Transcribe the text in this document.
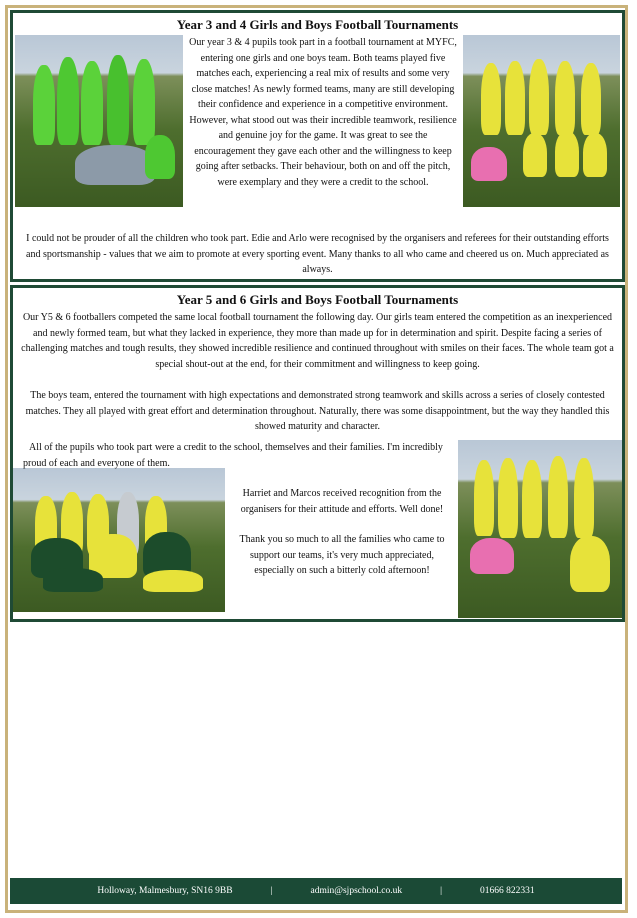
Year 3 and 4 Girls and Boys Football Tournaments

Our year 3 & 4 pupils took part in a football tournament at MYFC, entering one girls and one boys team. Both teams played five matches each, experiencing a real mix of results and some very close matches! As newly formed teams, many are still developing their confidence and experience in a competitive environment. However, what stood out was their incredible teamwork, resilience and genuine joy for the game. It was great to see the encouragement they gave each other and the willingness to keep going after setbacks. Their behaviour, both on and off the pitch, were exemplary and they were a credit to the school.

I could not be prouder of all the children who took part. Edie and Arlo were recognised by the organisers and referees for their outstanding efforts and sportsmanship - values that we aim to promote at every sporting event. Many thanks to all who came and cheered us on. Much appreciated as always.

Year 5 and 6 Girls and Boys Football Tournaments

Our Y5 & 6 footballers competed the same local football tournament the following day. Our girls team entered the competition as an inexperienced and newly formed team, but what they lacked in experience, they more than made up for in determination and spirit. Despite facing a series of challenging matches and tough results, they showed incredible resilience and continued throughout with smiles on their faces. The whole team got a special shout-out at the end, for their commitment and willingness to keep going.

The boys team, entered the tournament with high expectations and demonstrated strong teamwork and skills across a series of closely contested matches. They all played with great effort and determination throughout. Naturally, there was some disappointment, but the way they handled this showed maturity and character.

All of the pupils who took part were a credit to the school, themselves and their families. I'm incredibly proud of each and everyone of them.

Harriet and Marcos received recognition from the organisers for their attitude and efforts. Well done!

Thank you so much to all the families who came to support our teams, it's very much appreciated, especially on such a bitterly cold afternoon!

Holloway, Malmesbury, SN16 9BB	|	admin@sjpschool.co.uk	|	01666 822331
